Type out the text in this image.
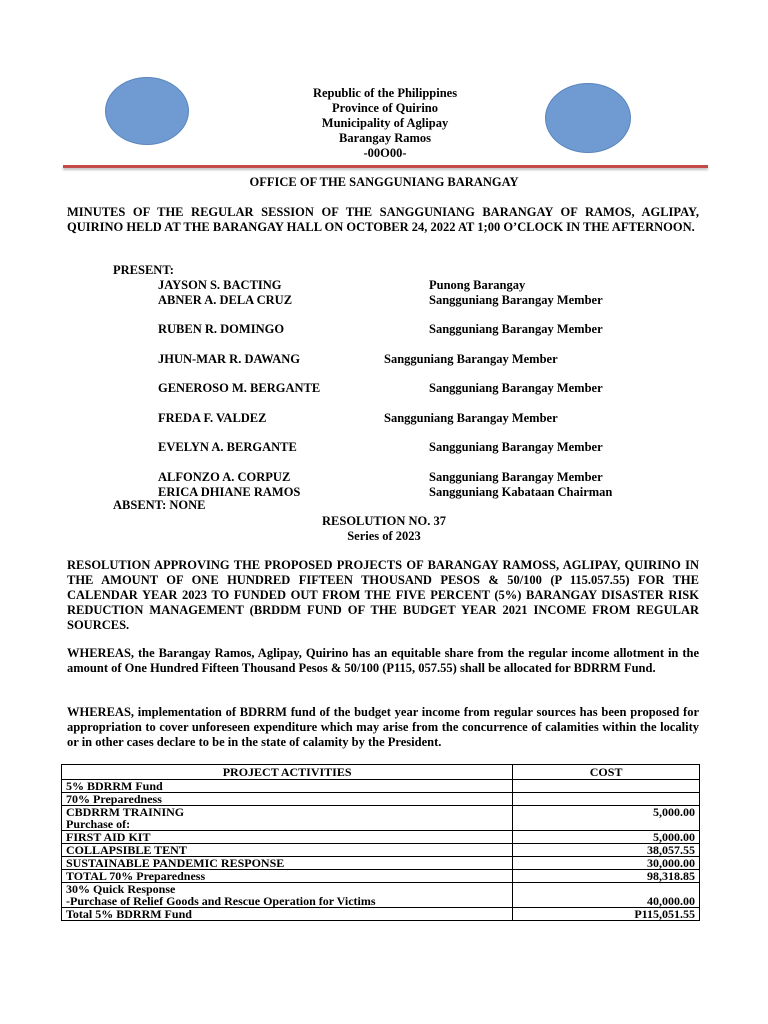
Republic of the Philippines
Province of Quirino
Municipality of Aglipay
Barangay Ramos
-00O00-
OFFICE OF THE SANGGUNIANG BARANGAY
MINUTES OF THE REGULAR SESSION OF THE SANGGUNIANG BARANGAY OF RAMOS, AGLIPAY, QUIRINO HELD AT THE BARANGAY HALL ON OCTOBER 24, 2022 AT 1;00 O’CLOCK IN THE AFTERNOON.
PRESENT:
JAYSON S. BACTING	Punong Barangay
ABNER A. DELA CRUZ	Sangguniang Barangay Member
RUBEN R. DOMINGO	Sangguniang Barangay Member
JHUN-MAR R. DAWANG	Sangguniang Barangay Member
GENEROSO M. BERGANTE	Sangguniang Barangay Member
FREDA F. VALDEZ	Sangguniang Barangay Member
EVELYN A. BERGANTE	Sangguniang Barangay Member
ALFONZO A. CORPUZ	Sangguniang Barangay Member
ERICA DHIANE RAMOS	Sangguniang Kabataan Chairman
ABSENT: NONE
RESOLUTION NO. 37
Series of 2023
RESOLUTION APPROVING THE PROPOSED PROJECTS OF BARANGAY RAMOSS, AGLIPAY, QUIRINO IN THE AMOUNT OF ONE HUNDRED FIFTEEN THOUSAND PESOS & 50/100 (P 115.057.55) FOR THE CALENDAR YEAR 2023 TO FUNDED OUT FROM THE FIVE PERCENT (5%) BARANGAY DISASTER RISK REDUCTION MANAGEMENT (BRDDM FUND OF THE BUDGET YEAR 2021 INCOME FROM REGULAR SOURCES.
WHEREAS, the Barangay Ramos, Aglipay, Quirino has an equitable share from the regular income allotment in the amount of One Hundred Fifteen Thousand Pesos & 50/100 (P115, 057.55) shall be allocated for BDRRM Fund.
WHEREAS, implementation of BDRRM fund of the budget year income from regular sources has been proposed for appropriation to cover unforeseen expenditure which may arise from the concurrence of calamities within the locality or in other cases declare to be in the state of calamity by the President.
PROJECT ACTIVITIES	COST
5% BDRRM Fund	
70% Preparedness	
CBDRRM TRAINING
Purchase of:	5,000.00
FIRST AID KIT	5,000.00
COLLAPSIBLE TENT	38,057.55
SUSTAINABLE PANDEMIC RESPONSE	30,000.00
TOTAL 70% Preparedness	98,318.85
30% Quick Response
-Purchase of Relief Goods and Rescue Operation for Victims	40,000.00
Total 5% BDRRM Fund	P115,051.55
